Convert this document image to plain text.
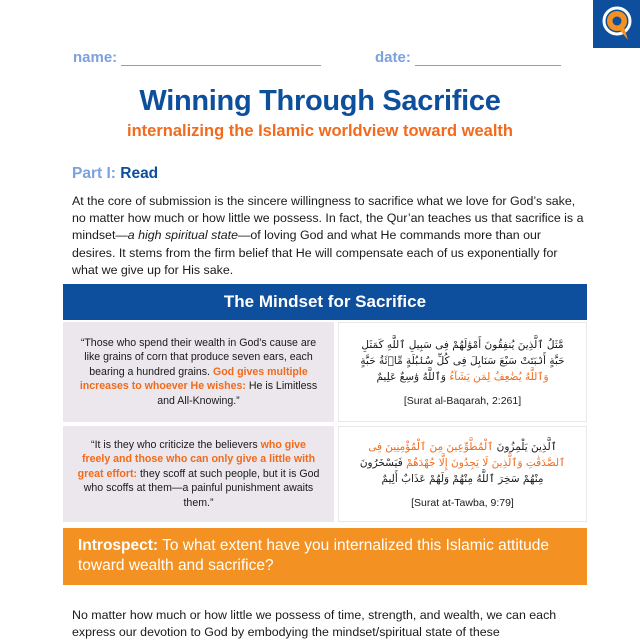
name:	date:
Winning Through Sacrifice
internalizing the Islamic worldview toward wealth
Part I: Read
At the core of submission is the sincere willingness to sacrifice what we love for God’s sake, no matter how much or how little we possess. In fact, the Qur’an teaches us that sacrifice is a mindset—a high spiritual state—of loving God and what He commands more than our desires. It stems from the firm belief that He will compensate each of us exponentially for what we give up for His sake.
The Mindset for Sacrifice
“Those who spend their wealth in God’s cause are like grains of corn that produce seven ears, each bearing a hundred grains. God gives multiple increases to whoever He wishes: He is Limitless and All-Knowing.”
مَّثَلُ ٱلَّذِينَ يُنفِقُونَ أَمْوَٰلَهُمْ فِى سَبِيلِ ٱللَّهِ كَمَثَلِ حَبَّةٍ أَنۢبَتَتْ سَبْعَ سَنَابِلَ فِى كُلِّ سُنۢبُلَةٍ مِّا۟ئَةُ حَبَّةٍ وَٱللَّهُ يُضَٰعِفُ لِمَن يَشَآءُ وَٱللَّهُ وَٰسِعٌ عَلِيمٌ
[Surat al-Baqarah, 2:261]
“It is they who criticize the believers who give freely and those who can only give a little with great effort: they scoff at such people, but it is God who scoffs at them—a painful punishment awaits them.”
ٱلَّذِينَ يَلْمِزُونَ ٱلْمُطَّوِّعِينَ مِنَ ٱلْمُؤْمِنِينَ فِى ٱلصَّدَقَٰتِ وَٱلَّذِينَ لَا يَجِدُونَ إِلَّا جُهْدَهُمْ فَيَسْخَرُونَ مِنْهُمْ سَخِرَ ٱللَّهُ مِنْهُمْ وَلَهُمْ عَذَابٌ أَلِيمٌ
[Surat at-Tawba, 9:79]
Introspect: To what extent have you internalized this Islamic attitude toward wealth and sacrifice?
No matter how much or how little we possess of time, strength, and wealth, we can each express our devotion to God by embodying the mindset/spiritual state of these
